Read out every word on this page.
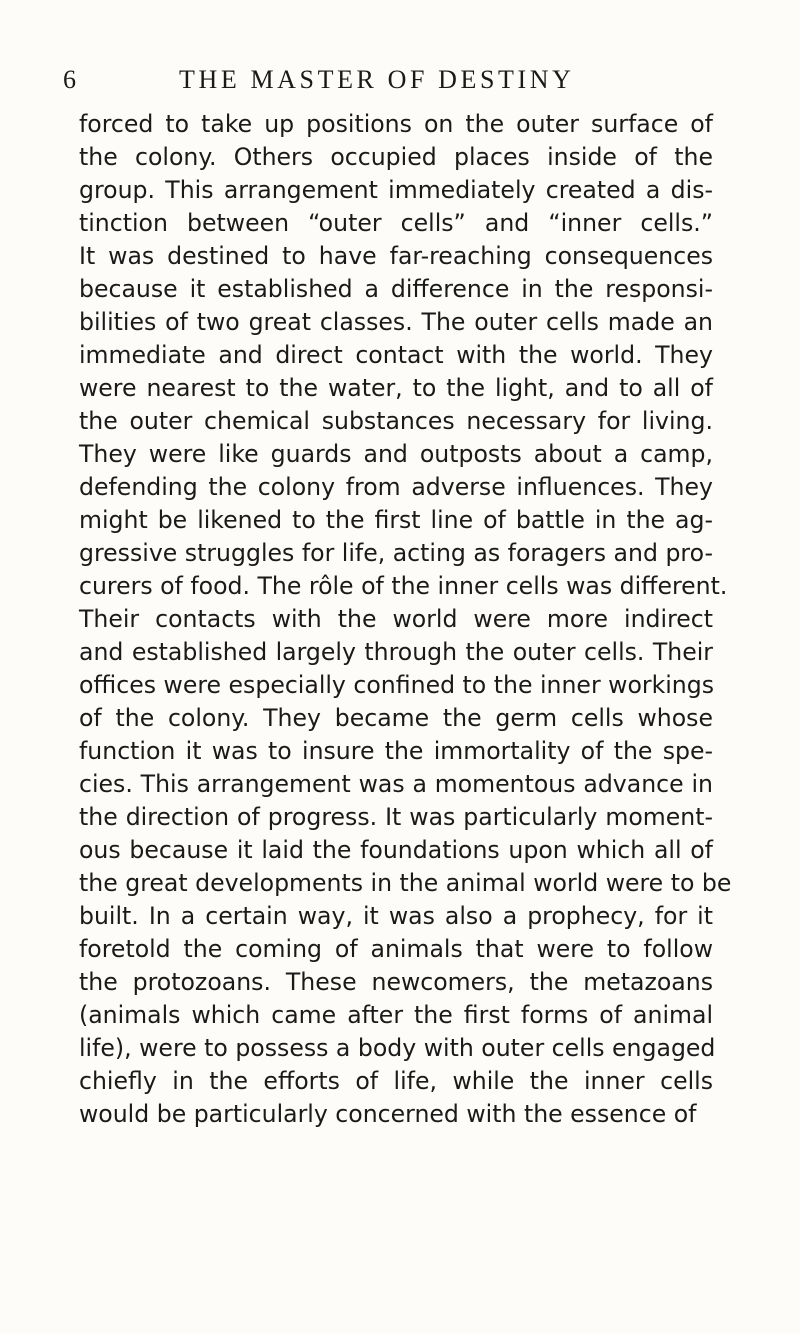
6	THE MASTER OF DESTINY
forced to take up positions on the outer surface of
the colony. Others occupied places inside of the
group. This arrangement immediately created a dis-
tinction between “outer cells” and “inner cells.”
It was destined to have far-reaching consequences
because it established a difference in the responsi-
bilities of two great classes. The outer cells made an
immediate and direct contact with the world. They
were nearest to the water, to the light, and to all of
the outer chemical substances necessary for living.
They were like guards and outposts about a camp,
defending the colony from adverse influences. They
might be likened to the first line of battle in the ag-
gressive struggles for life, acting as foragers and pro-
curers of food. The rôle of the inner cells was different.
Their contacts with the world were more indirect
and established largely through the outer cells. Their
offices were especially confined to the inner workings
of the colony. They became the germ cells whose
function it was to insure the immortality of the spe-
cies. This arrangement was a momentous advance in
the direction of progress. It was particularly moment-
ous because it laid the foundations upon which all of
the great developments in the animal world were to be
built. In a certain way, it was also a prophecy, for it
foretold the coming of animals that were to follow
the protozoans. These newcomers, the metazoans
(animals which came after the first forms of animal
life), were to possess a body with outer cells engaged
chiefly in the efforts of life, while the inner cells
would be particularly concerned with the essence of
